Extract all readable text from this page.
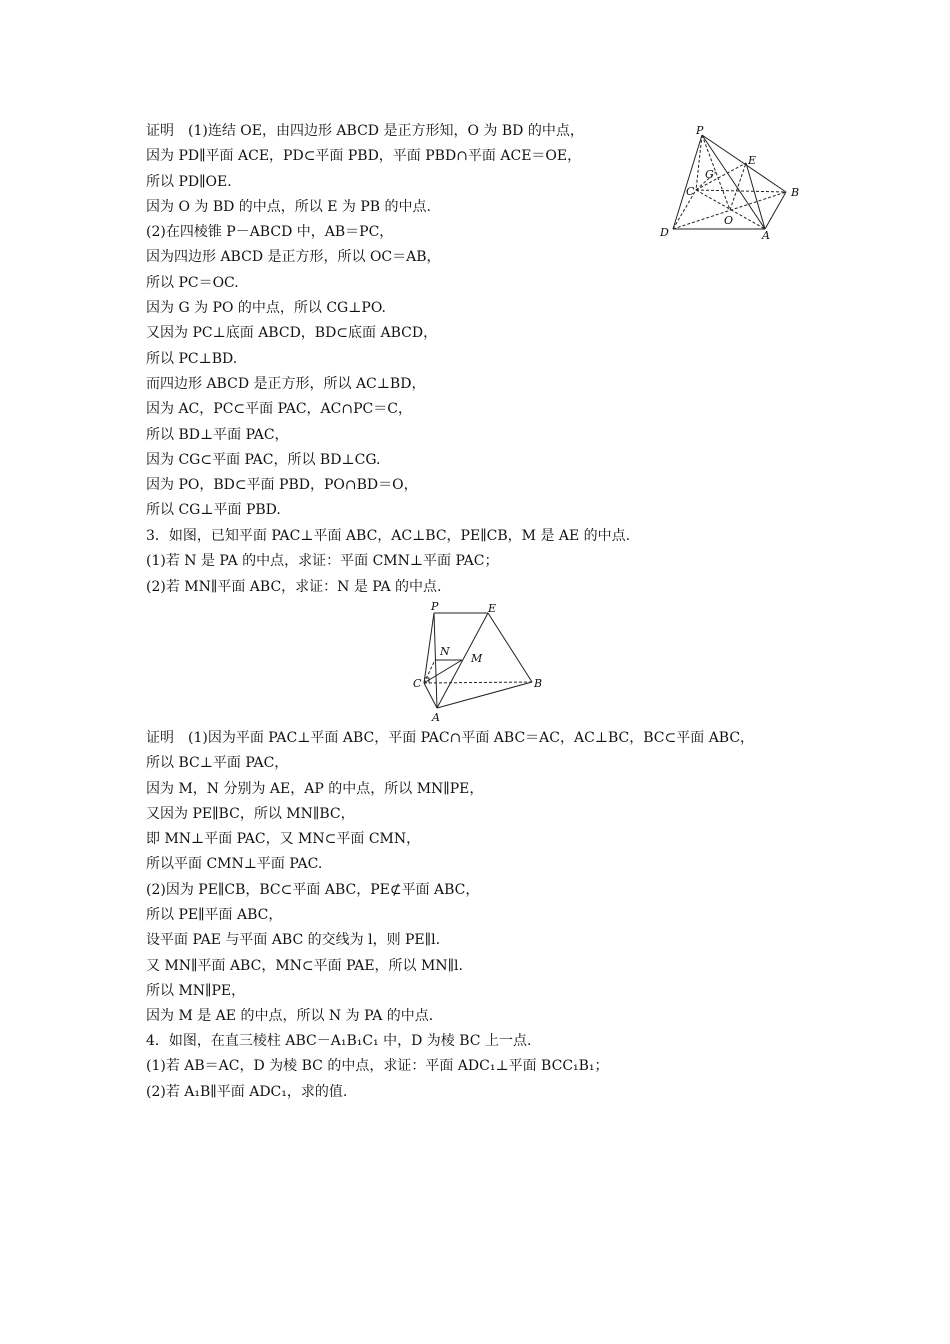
证明　(1)连结 OE，由四边形 ABCD 是正方形知，O 为 BD 的中点，
因为 PD∥平面 ACE，PD⊂平面 PBD，平面 PBD∩平面 ACE＝OE，
所以 PD∥OE.
因为 O 为 BD 的中点，所以 E 为 PB 的中点.
(2)在四棱锥 P－ABCD 中，AB＝PC，
因为四边形 ABCD 是正方形，所以 OC＝AB，
所以 PC＝OC.
因为 G 为 PO 的中点，所以 CG⊥PO.
又因为 PC⊥底面 ABCD，BD⊂底面 ABCD，
所以 PC⊥BD.
而四边形 ABCD 是正方形，所以 AC⊥BD，
因为 AC，PC⊂平面 PAC，AC∩PC＝C，
所以 BD⊥平面 PAC，
因为 CG⊂平面 PAC，所以 BD⊥CG.
因为 PO，BD⊂平面 PBD，PO∩BD＝O，
所以 CG⊥平面 PBD.
3．如图，已知平面 PAC⊥平面 ABC，AC⊥BC，PE∥CB，M 是 AE 的中点.
(1)若 N 是 PA 的中点，求证：平面 CMN⊥平面 PAC；
(2)若 MN∥平面 ABC，求证：N 是 PA 的中点.
证明　(1)因为平面 PAC⊥平面 ABC，平面 PAC∩平面 ABC＝AC，AC⊥BC，BC⊂平面 ABC，
所以 BC⊥平面 PAC，
因为 M，N 分别为 AE，AP 的中点，所以 MN∥PE，
又因为 PE∥BC，所以 MN∥BC，
即 MN⊥平面 PAC，又 MN⊂平面 CMN，
所以平面 CMN⊥平面 PAC.
(2)因为 PE∥CB，BC⊂平面 ABC，PE⊄平面 ABC，
所以 PE∥平面 ABC，
设平面 PAE 与平面 ABC 的交线为 l，则 PE∥l.
又 MN∥平面 ABC，MN⊂平面 PAE，所以 MN∥l.
所以 MN∥PE，
因为 M 是 AE 的中点，所以 N 为 PA 的中点.
4．如图，在直三棱柱 ABC－A₁B₁C₁ 中，D 为棱 BC 上一点.
(1)若 AB＝AC，D 为棱 BC 的中点，求证：平面 ADC₁⊥平面 BCC₁B₁；
(2)若 A₁B∥平面 ADC₁，求的值.
P
E
G
C	B
O
D	A
P	E
N
M
C	B
A
